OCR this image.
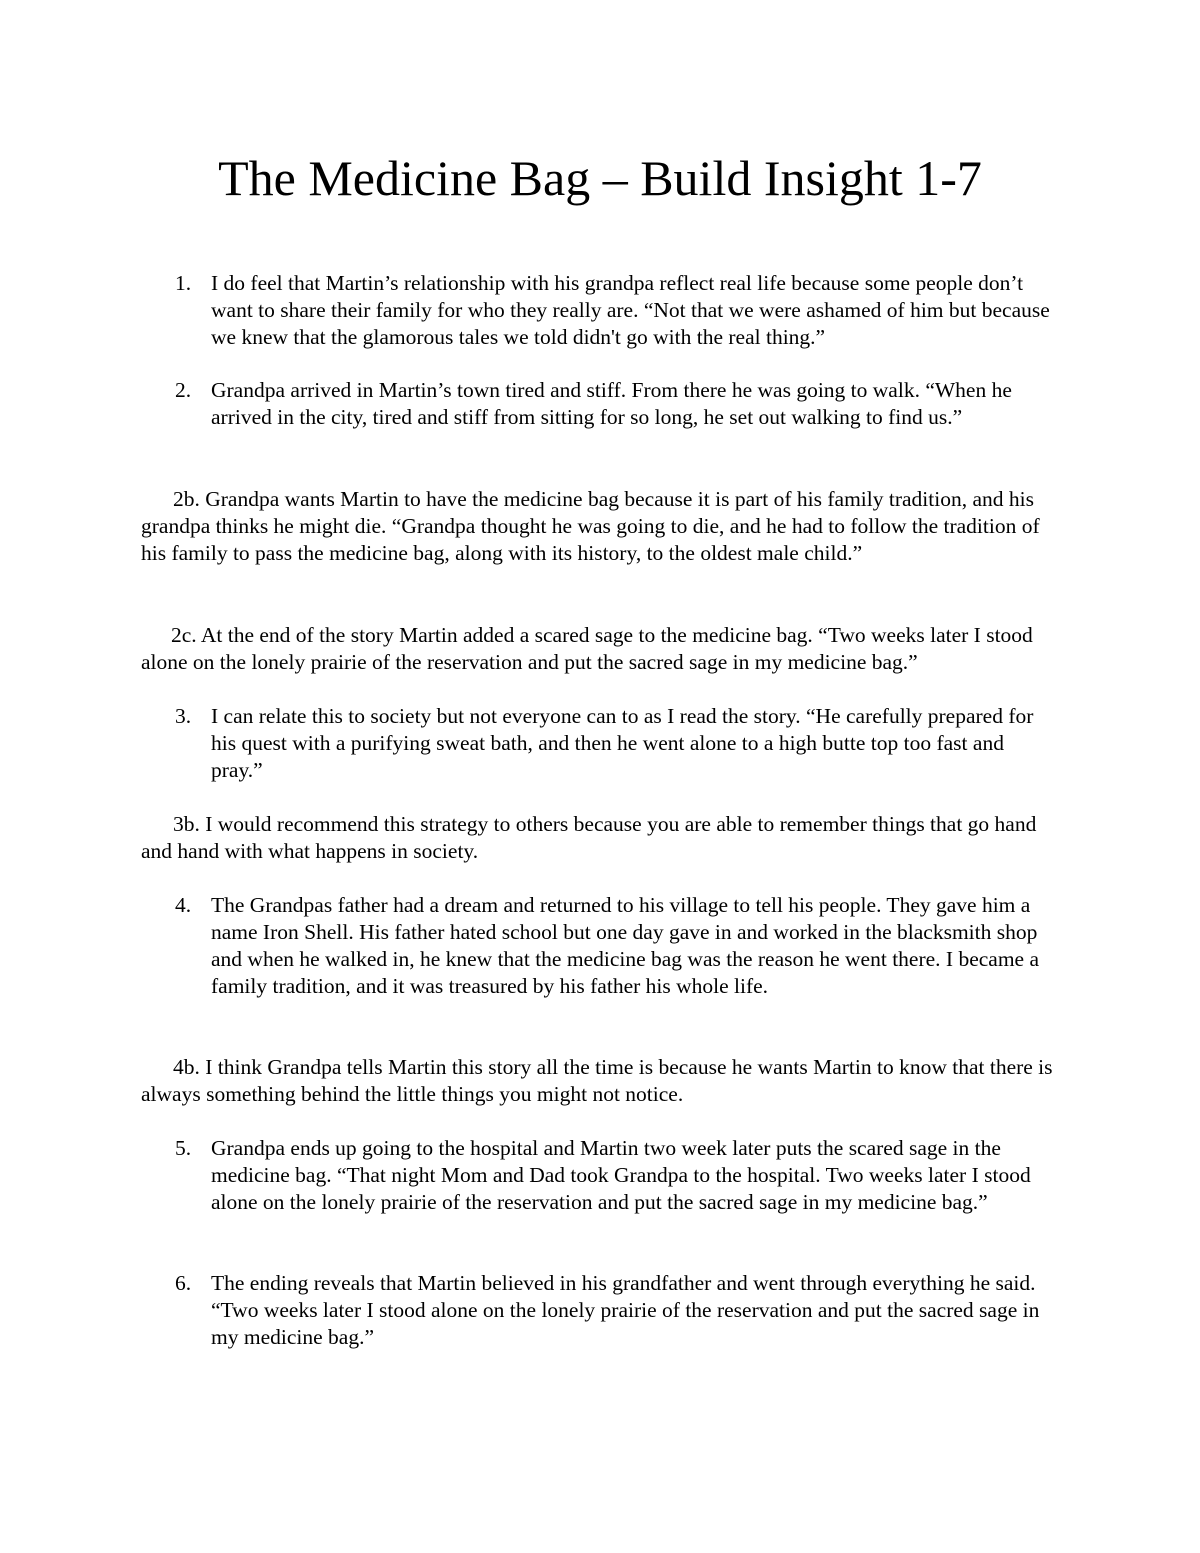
The Medicine Bag – Build Insight 1-7
1. I do feel that Martin’s relationship with his grandpa reflect real life because some people don’t want to share their family for who they really are. “Not that we were ashamed of him but because we knew that the glamorous tales we told didn't go with the real thing.”
2. Grandpa arrived in Martin’s town tired and stiff. From there he was going to walk. “When he arrived in the city, tired and stiff from sitting for so long, he set out walking to find us.”
2b. Grandpa wants Martin to have the medicine bag because it is part of his family tradition, and his grandpa thinks he might die. “Grandpa thought he was going to die, and he had to follow the tradition of his family to pass the medicine bag, along with its history, to the oldest male child.”
2c. At the end of the story Martin added a scared sage to the medicine bag. “Two weeks later I stood alone on the lonely prairie of the reservation and put the sacred sage in my medicine bag.”
3. I can relate this to society but not everyone can to as I read the story. “He carefully prepared for his quest with a purifying sweat bath, and then he went alone to a high butte top too fast and pray.”
3b. I would recommend this strategy to others because you are able to remember things that go hand and hand with what happens in society.
4. The Grandpas father had a dream and returned to his village to tell his people. They gave him a name Iron Shell. His father hated school but one day gave in and worked in the blacksmith shop and when he walked in, he knew that the medicine bag was the reason he went there. I became a family tradition, and it was treasured by his father his whole life.
4b. I think Grandpa tells Martin this story all the time is because he wants Martin to know that there is always something behind the little things you might not notice.
5. Grandpa ends up going to the hospital and Martin two week later puts the scared sage in the medicine bag. “That night Mom and Dad took Grandpa to the hospital. Two weeks later I stood alone on the lonely prairie of the reservation and put the sacred sage in my medicine bag.”
6. The ending reveals that Martin believed in his grandfather and went through everything he said. “Two weeks later I stood alone on the lonely prairie of the reservation and put the sacred sage in my medicine bag.”
